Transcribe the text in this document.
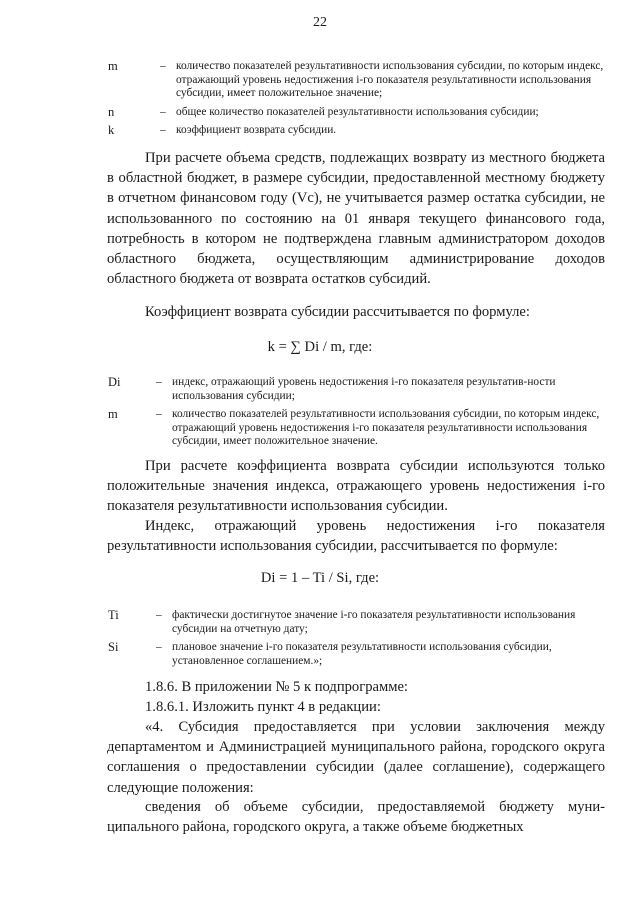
22
m	– количество показателей результативности использования субсидии, по которым индекс, отражающий уровень недостижения i-го показателя результативности использования субсидии, имеет положительное значение;
n	– общее количество показателей результативности использования субсидии;
k	– коэффициент возврата субсидии.

При расчете объема средств, подлежащих возврату из местного бюджета в областной бюджет, в размере субсидии, предоставленной местному бюджету в отчетном финансовом году (Vс), не учитывается размер остатка субсидии, не использованного по состоянию на 01 января текущего финансового года, потребность в котором не подтверждена главным администратором доходов областного бюджета, осуществляющим администрирование доходов областного бюджета от возврата остатков субсидий.

Коэффициент возврата субсидии рассчитывается по формуле:

k = ∑ Di / m, где:
Di	– индекс, отражающий уровень недостижения i-го показателя результатив-ности использования субсидии;
m	– количество показателей результативности использования субсидии, по которым индекс, отражающий уровень недостижения i-го показателя результативности использования субсидии, имеет положительное значение.

При расчете коэффициента возврата субсидии используются только положительные значения индекса, отражающего уровень недостижения i-го показателя результативности использования субсидии.

Индекс, отражающий уровень недостижения i-го показателя результативности использования субсидии, рассчитывается по формуле:

Di = 1 – Ti / Si, где:
Ti	– фактически достигнутое значение i-го показателя результативности использования субсидии на отчетную дату;
Si	– плановое значение i-го показателя результативности использования субсидии, установленное соглашением.»;

1.8.6. В приложении № 5 к подпрограмме:

1.8.6.1. Изложить пункт 4 в редакции:

«4. Субсидия предоставляется при условии заключения между департаментом и Администрацией муниципального района, городского округа соглашения о предоставлении субсидии (далее соглашение), содержащего следующие положения:

сведения об объеме субсидии, предоставляемой бюджету муни-ципального района, городского округа, а также объеме бюджетных
